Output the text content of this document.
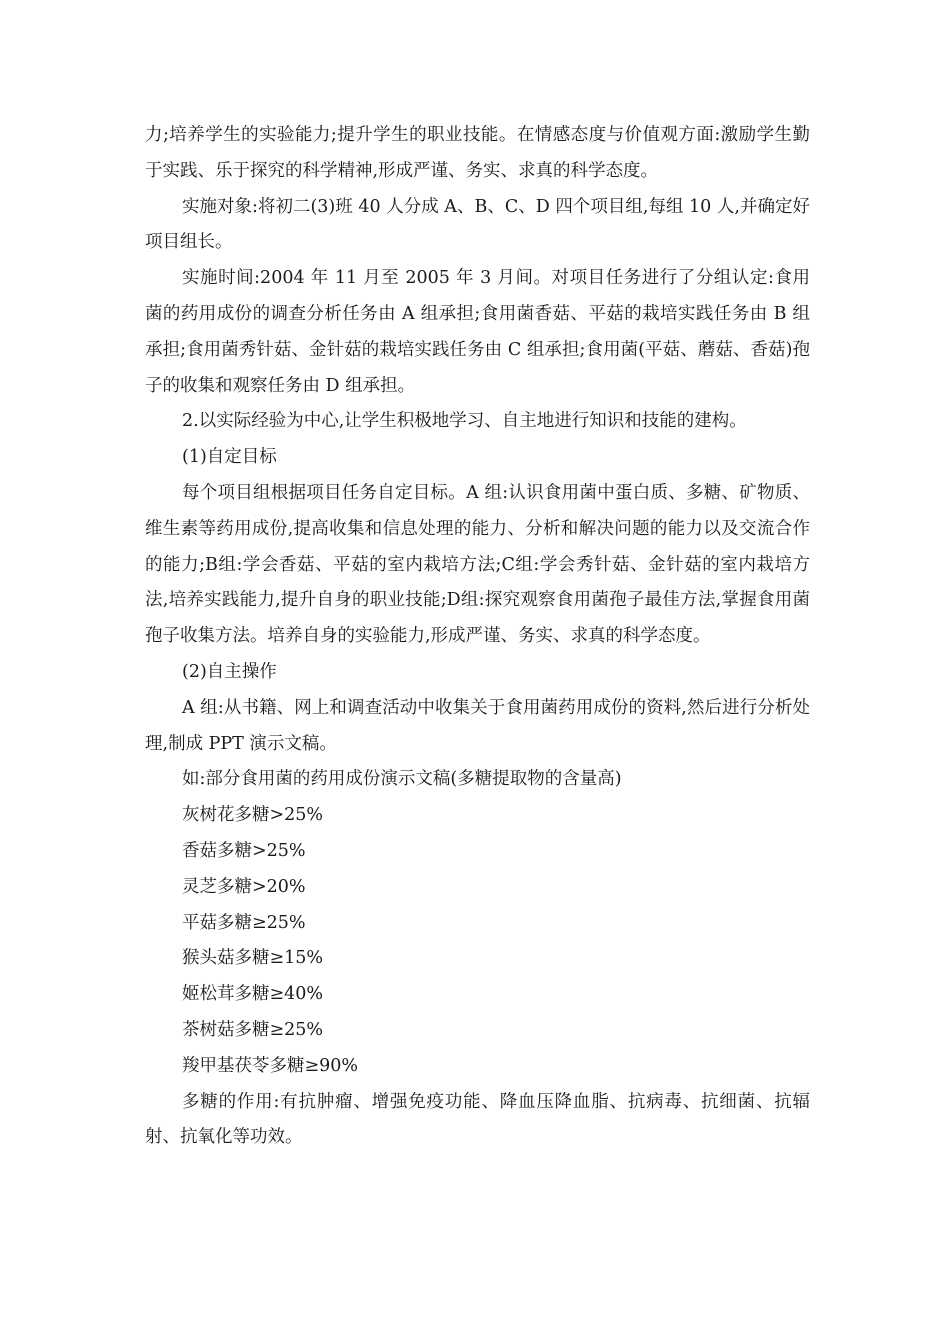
力;培养学生的实验能力;提升学生的职业技能。在情感态度与价值观方面:激励学生勤于实践、乐于探究的科学精神,形成严谨、务实、求真的科学态度。

实施对象:将初二(3)班 40 人分成 A、B、C、D 四个项目组,每组 10 人,并确定好项目组长。

实施时间:2004 年 11 月至 2005 年 3 月间。对项目任务进行了分组认定:食用菌的药用成份的调查分析任务由 A 组承担;食用菌香菇、平菇的栽培实践任务由 B 组承担;食用菌秀针菇、金针菇的栽培实践任务由 C 组承担;食用菌(平菇、蘑菇、香菇)孢子的收集和观察任务由 D 组承担。

2.以实际经验为中心,让学生积极地学习、自主地进行知识和技能的建构。

(1)自定目标

每个项目组根据项目任务自定目标。A 组:认识食用菌中蛋白质、多糖、矿物质、维生素等药用成份,提高收集和信息处理的能力、分析和解决问题的能力以及交流合作的能力;B组:学会香菇、平菇的室内栽培方法;C组:学会秀针菇、金针菇的室内栽培方法,培养实践能力,提升自身的职业技能;D组:探究观察食用菌孢子最佳方法,掌握食用菌孢子收集方法。培养自身的实验能力,形成严谨、务实、求真的科学态度。

(2)自主操作

A 组:从书籍、网上和调查活动中收集关于食用菌药用成份的资料,然后进行分析处理,制成 PPT 演示文稿。

如:部分食用菌的药用成份演示文稿(多糖提取物的含量高)

灰树花多糖>25%

香菇多糖>25%

灵芝多糖>20%

平菇多糖≥25%

猴头菇多糖≥15%

姬松茸多糖≥40%

茶树菇多糖≥25%

羧甲基茯苓多糖≥90%

多糖的作用:有抗肿瘤、增强免疫功能、降血压降血脂、抗病毒、抗细菌、抗辐射、抗氧化等功效。
